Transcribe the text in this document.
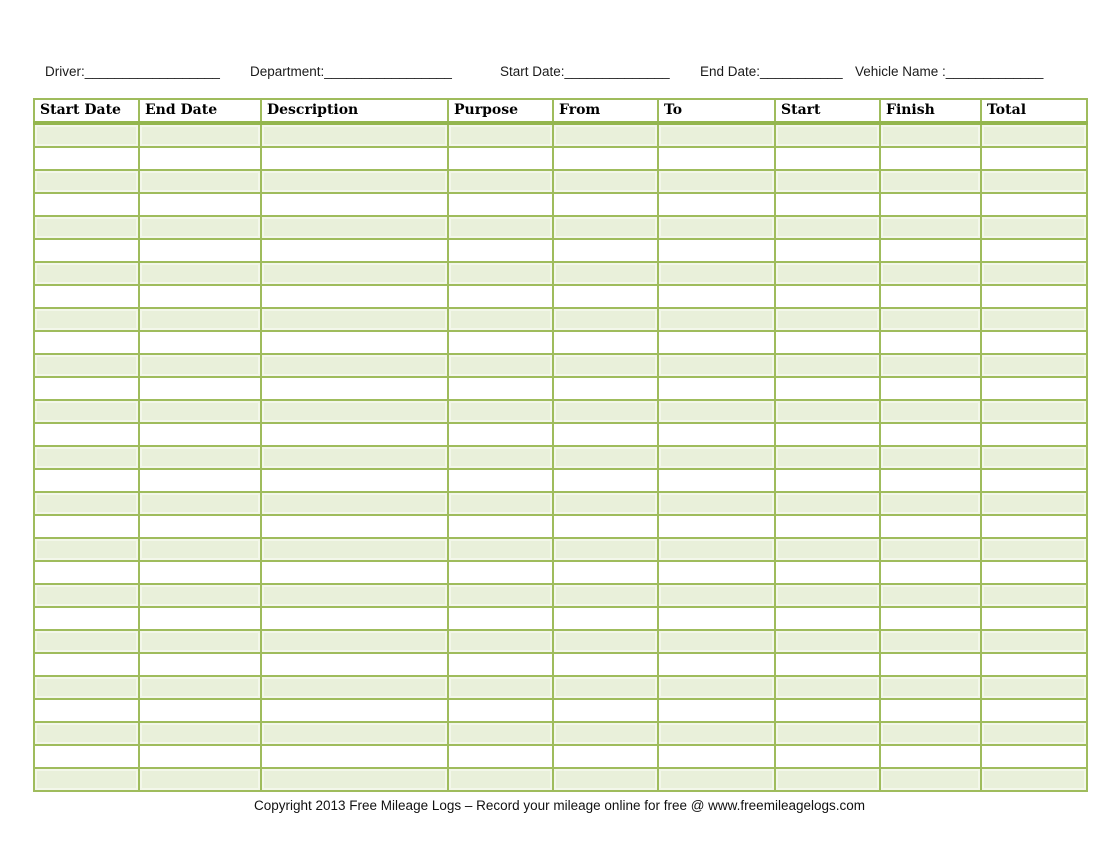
Driver:__________________ Department:_________________	Start Date:______________ End Date:___________ Vehicle Name :_____________
Start Date	End Date	Description	Purpose	From	To	Start	Finish	Total

Copyright 2013 Free Mileage Logs – Record your mileage online for free @ www.freemileagelogs.com
